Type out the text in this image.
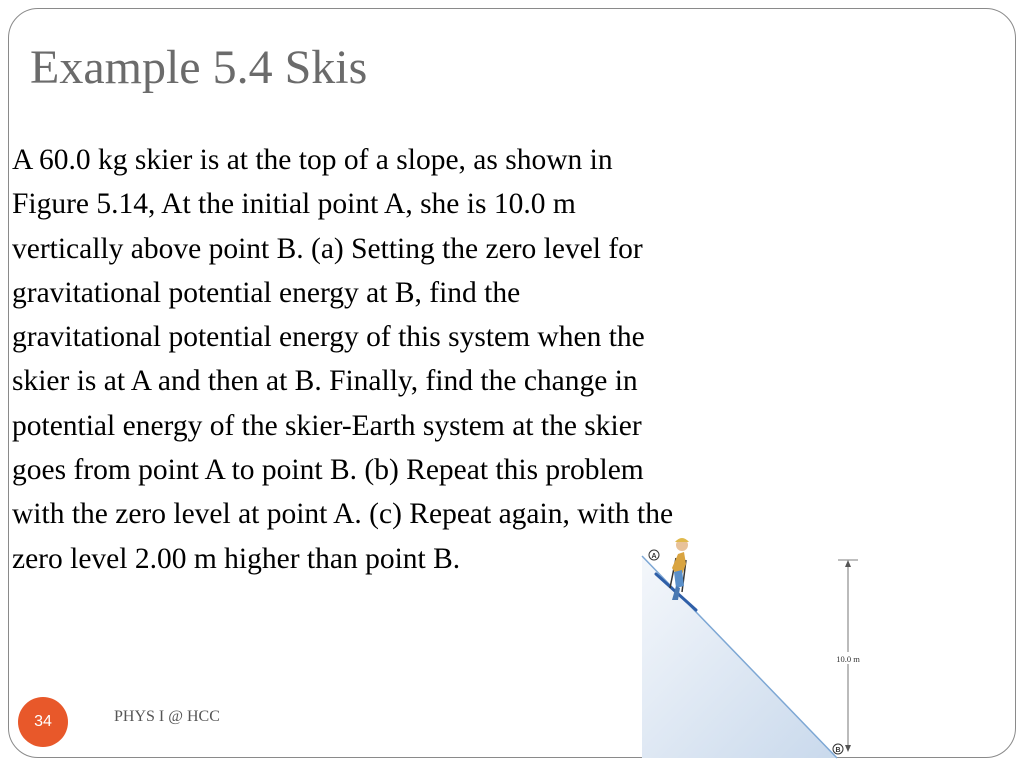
Example 5.4 Skis
A 60.0 kg skier is at the top of a slope, as shown in
Figure 5.14, At the initial point A, she is 10.0 m
vertically above point B. (a) Setting the zero level for
gravitational potential energy at B, find the
gravitational potential energy of this system when the
skier is at A and then at B. Finally, find the change in
potential energy of the skier-Earth system at the skier
goes from point A to point B. (b) Repeat this problem
with the zero level at point A. (c) Repeat again, with the
zero level 2.00 m higher than point B.	A
10.0 m
B
34	PHYS I @ HCC
